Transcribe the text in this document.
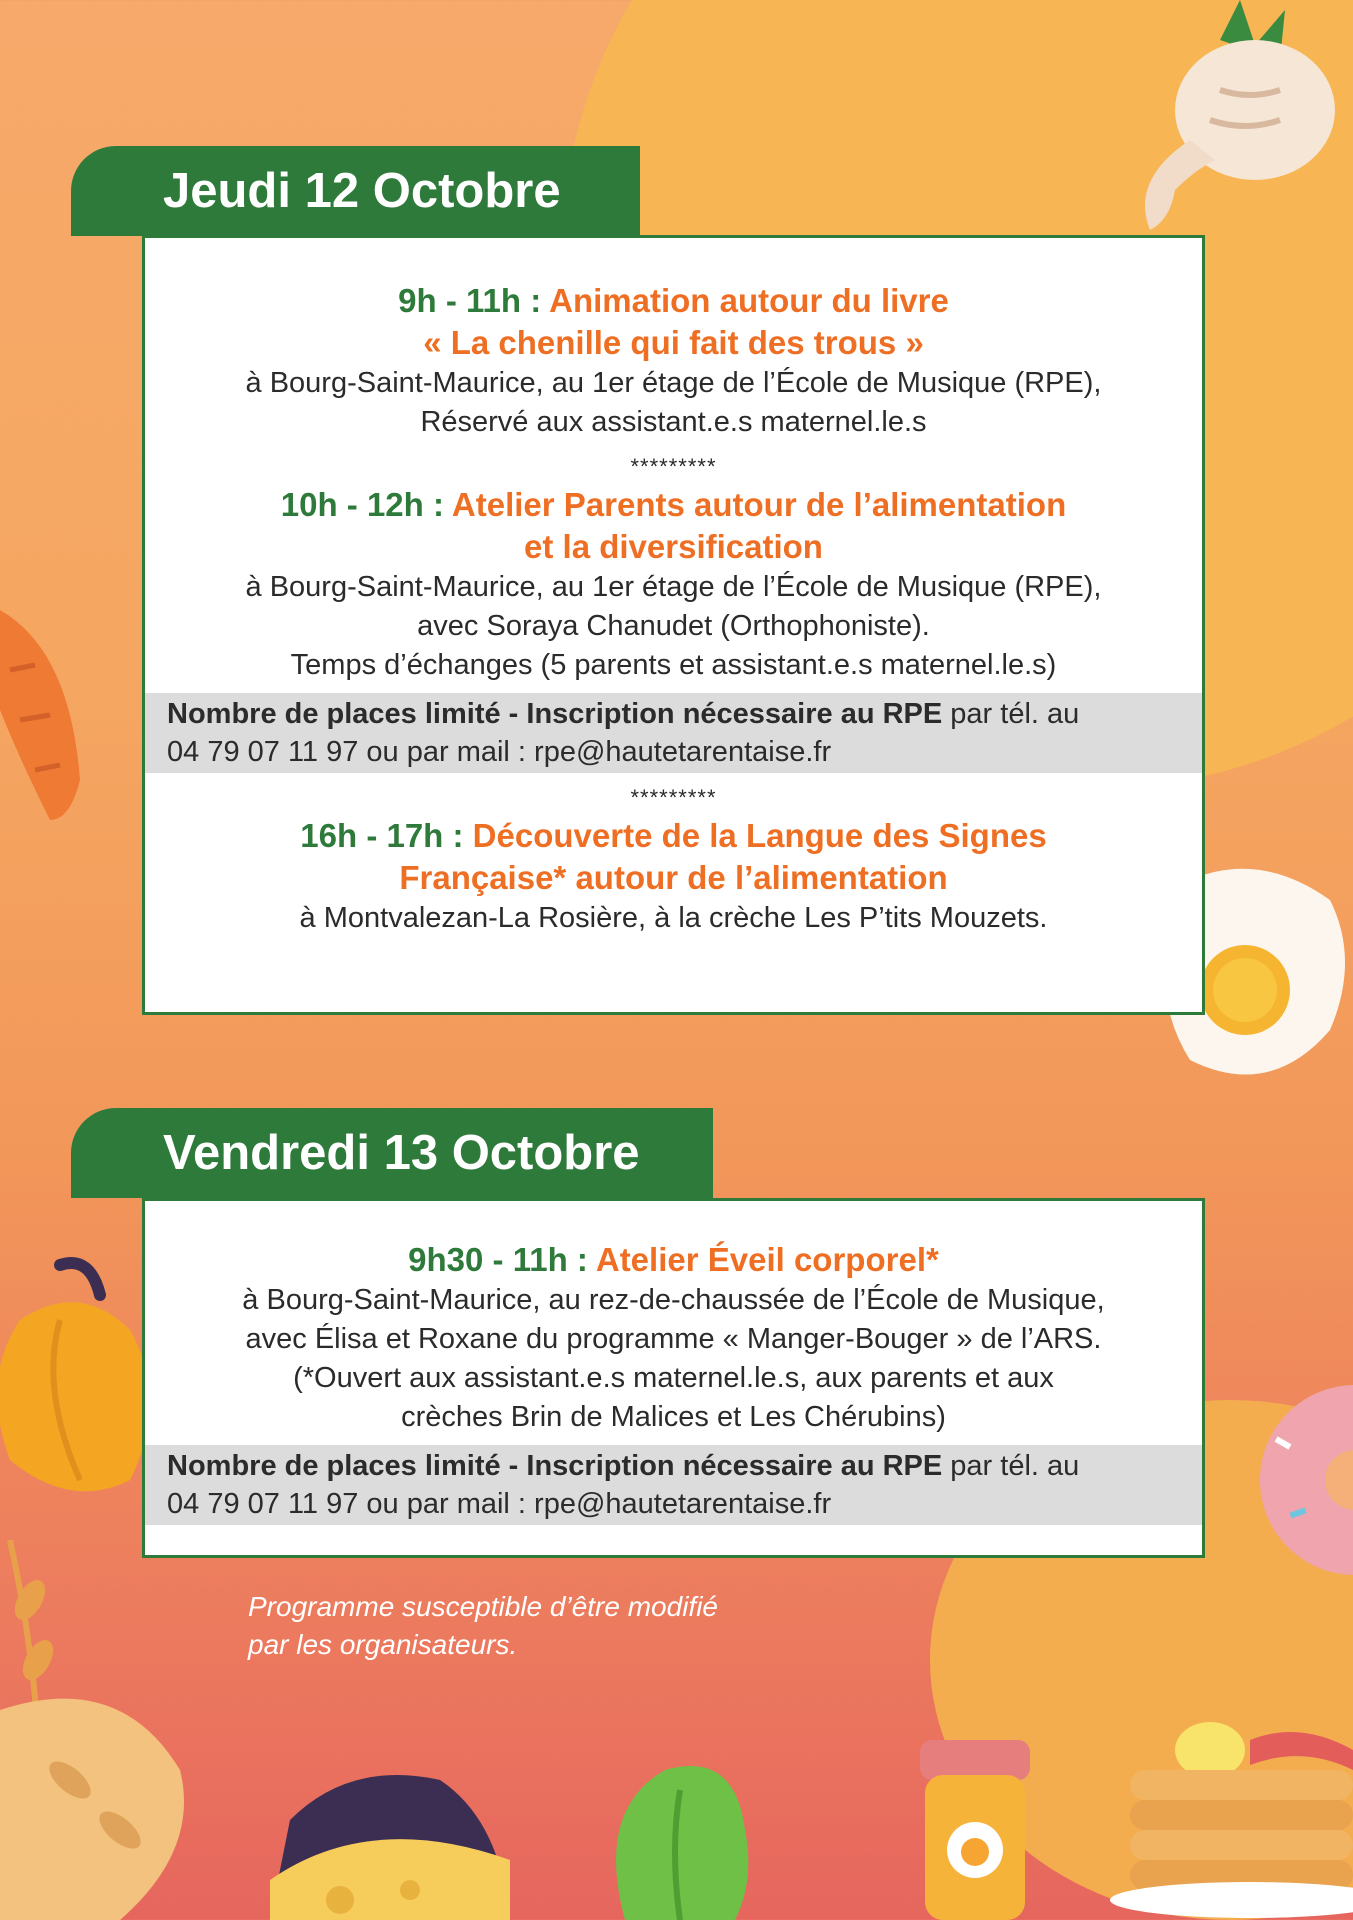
Jeudi 12 Octobre
9h - 11h : Animation autour du livre
« La chenille qui fait des trous »
à Bourg-Saint-Maurice, au 1er étage de l’École de Musique (RPE),
Réservé aux assistant.e.s maternel.le.s
*********
10h - 12h : Atelier Parents autour de l’alimentation
et la diversification
à Bourg-Saint-Maurice, au 1er étage de l’École de Musique (RPE),
avec Soraya Chanudet (Orthophoniste).
Temps d’échanges (5 parents et assistant.e.s maternel.le.s)
Nombre de places limité - Inscription nécessaire au RPE par tél. au
04 79 07 11 97 ou par mail : rpe@hautetarentaise.fr
*********
16h - 17h : Découverte de la Langue des Signes
Française* autour de l’alimentation
à Montvalezan-La Rosière, à la crèche Les P’tits Mouzets.
Vendredi 13 Octobre
9h30 - 11h : Atelier Éveil corporel*
à Bourg-Saint-Maurice, au rez-de-chaussée de l’École de Musique,
avec Élisa et Roxane du programme « Manger-Bouger » de l’ARS.
(*Ouvert aux assistant.e.s maternel.le.s, aux parents et aux
crèches Brin de Malices et Les Chérubins)
Nombre de places limité - Inscription nécessaire au RPE par tél. au
04 79 07 11 97 ou par mail : rpe@hautetarentaise.fr
Programme susceptible d’être modifié
par les organisateurs.
